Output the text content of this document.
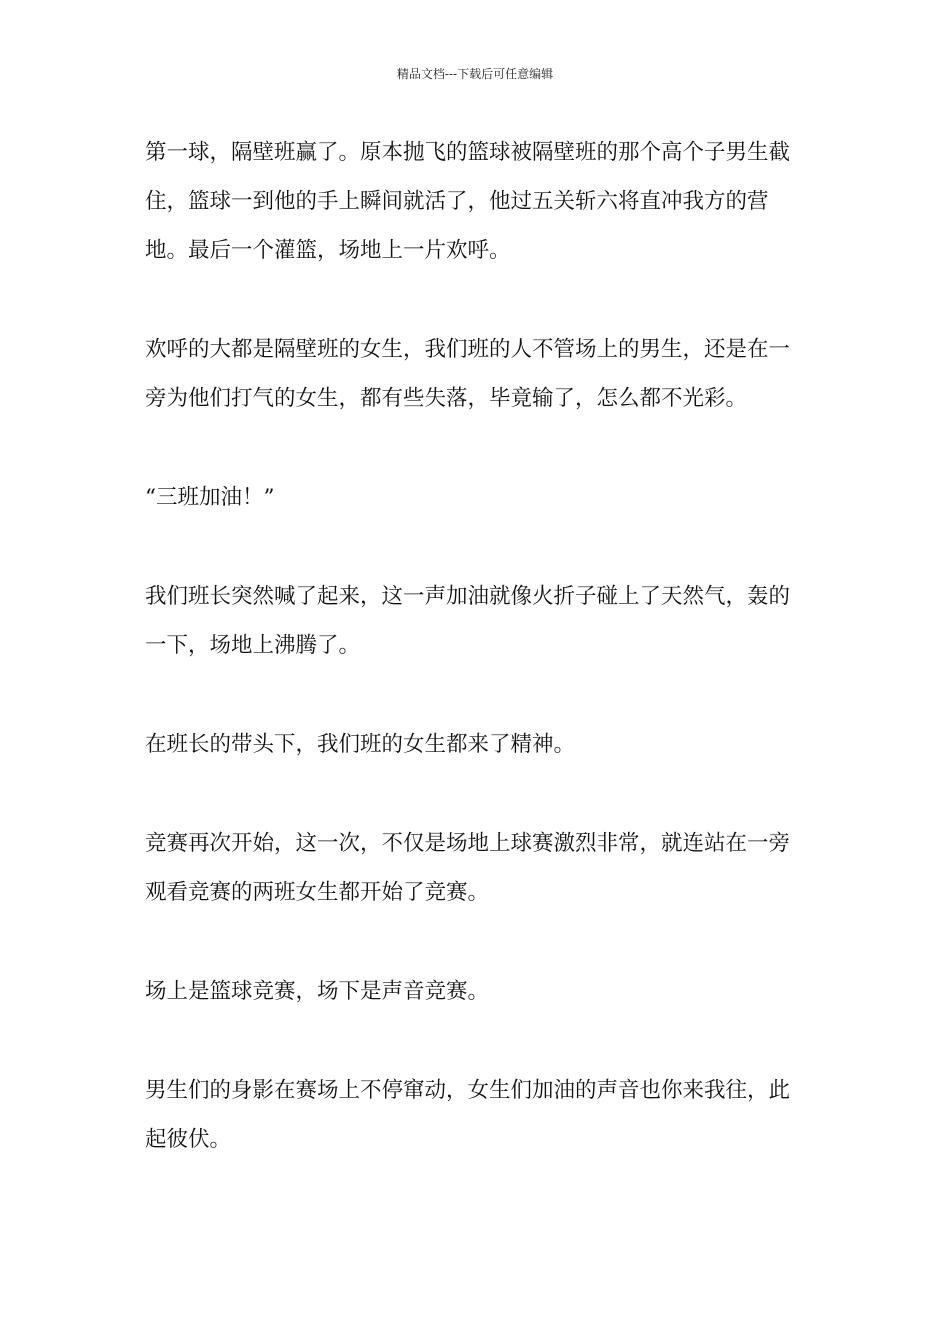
精品文档---下载后可任意编辑

第一球，隔壁班赢了。原本抛飞的篮球被隔壁班的那个高个子男生截住，篮球一到他的手上瞬间就活了，他过五关斩六将直冲我方的营地。最后一个灌篮，场地上一片欢呼。

欢呼的大都是隔壁班的女生，我们班的人不管场上的男生，还是在一旁为他们打气的女生，都有些失落，毕竟输了，怎么都不光彩。

“三班加油！”

我们班长突然喊了起来，这一声加油就像火折子碰上了天然气，轰的一下，场地上沸腾了。

在班长的带头下，我们班的女生都来了精神。

竞赛再次开始，这一次，不仅是场地上球赛激烈非常，就连站在一旁观看竞赛的两班女生都开始了竞赛。

场上是篮球竞赛，场下是声音竞赛。

男生们的身影在赛场上不停窜动，女生们加油的声音也你来我往，此起彼伏。
